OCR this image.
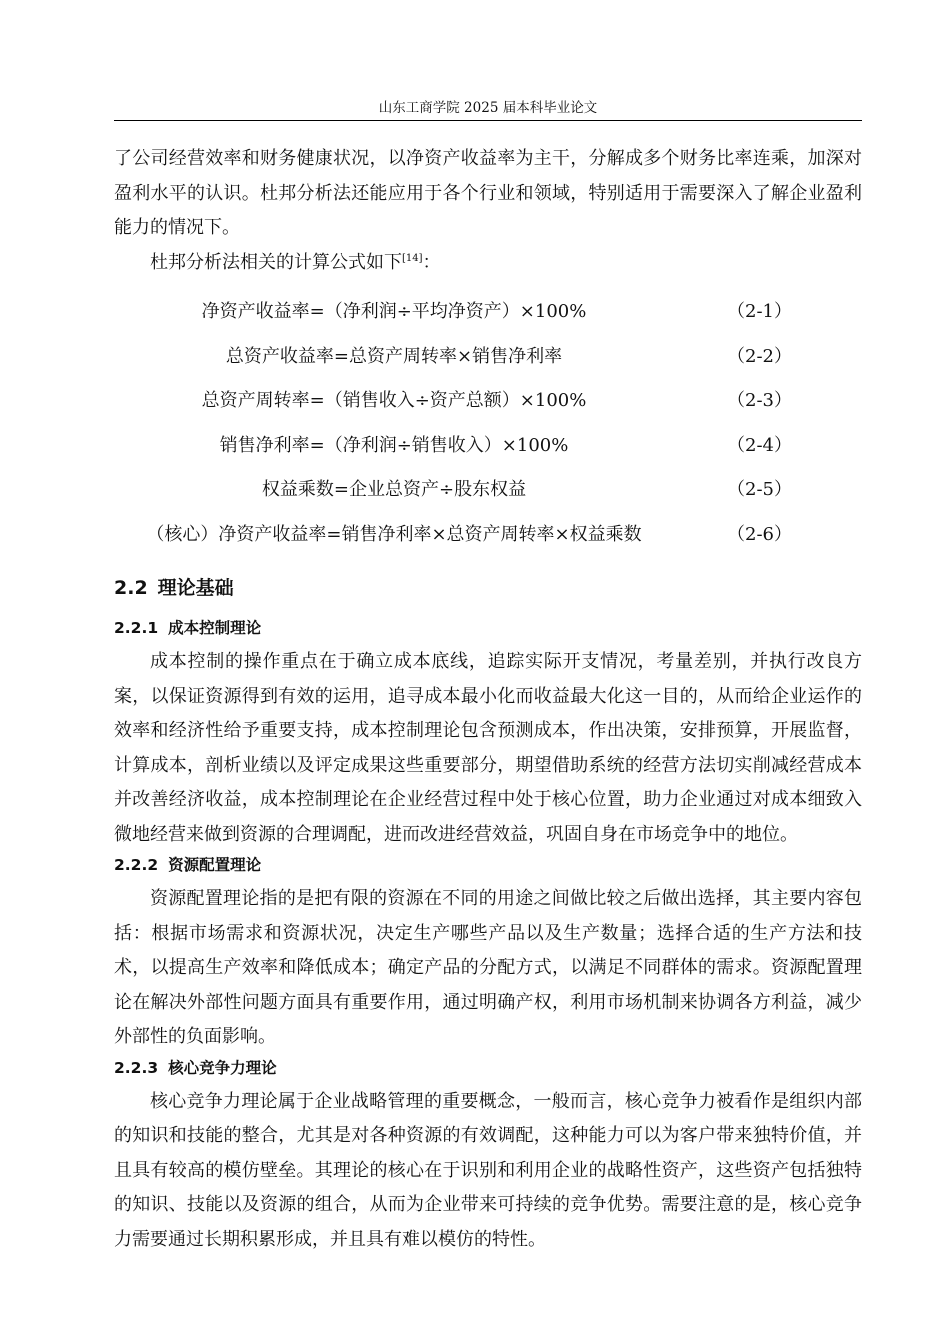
山东工商学院 2025 届本科毕业论文

了公司经营效率和财务健康状况，以净资产收益率为主干，分解成多个财务比率连乘，加深对盈利水平的认识。杜邦分析法还能应用于各个行业和领域，特别适用于需要深入了解企业盈利能力的情况下。

杜邦分析法相关的计算公式如下[14]：

净资产收益率=（净利润÷平均净资产）×100%	（2-1）
总资产收益率=总资产周转率×销售净利率	（2-2）
总资产周转率=（销售收入÷资产总额）×100%	（2-3）
销售净利率=（净利润÷销售收入）×100%	（2-4）
权益乘数=企业总资产÷股东权益	（2-5）
（核心）净资产收益率=销售净利率×总资产周转率×权益乘数	（2-6）
2.2 理论基础
2.2.1 成本控制理论

成本控制的操作重点在于确立成本底线，追踪实际开支情况，考量差别，并执行改良方案，以保证资源得到有效的运用，追寻成本最小化而收益最大化这一目的，从而给企业运作的效率和经济性给予重要支持，成本控制理论包含预测成本，作出决策，安排预算，开展监督，计算成本，剖析业绩以及评定成果这些重要部分，期望借助系统的经营方法切实削减经营成本并改善经济收益，成本控制理论在企业经营过程中处于核心位置，助力企业通过对成本细致入微地经营来做到资源的合理调配，进而改进经营效益，巩固自身在市场竞争中的地位。

2.2.2 资源配置理论

资源配置理论指的是把有限的资源在不同的用途之间做比较之后做出选择，其主要内容包括：根据市场需求和资源状况，决定生产哪些产品以及生产数量；选择合适的生产方法和技术，以提高生产效率和降低成本；确定产品的分配方式，以满足不同群体的需求。资源配置理论在解决外部性问题方面具有重要作用，通过明确产权，利用市场机制来协调各方利益，减少外部性的负面影响。

2.2.3 核心竞争力理论

核心竞争力理论属于企业战略管理的重要概念，一般而言，核心竞争力被看作是组织内部的知识和技能的整合，尤其是对各种资源的有效调配，这种能力可以为客户带来独特价值，并且具有较高的模仿壁垒。其理论的核心在于识别和利用企业的战略性资产，这些资产包括独特的知识、技能以及资源的组合，从而为企业带来可持续的竞争优势。需要注意的是，核心竞争力需要通过长期积累形成，并且具有难以模仿的特性。
